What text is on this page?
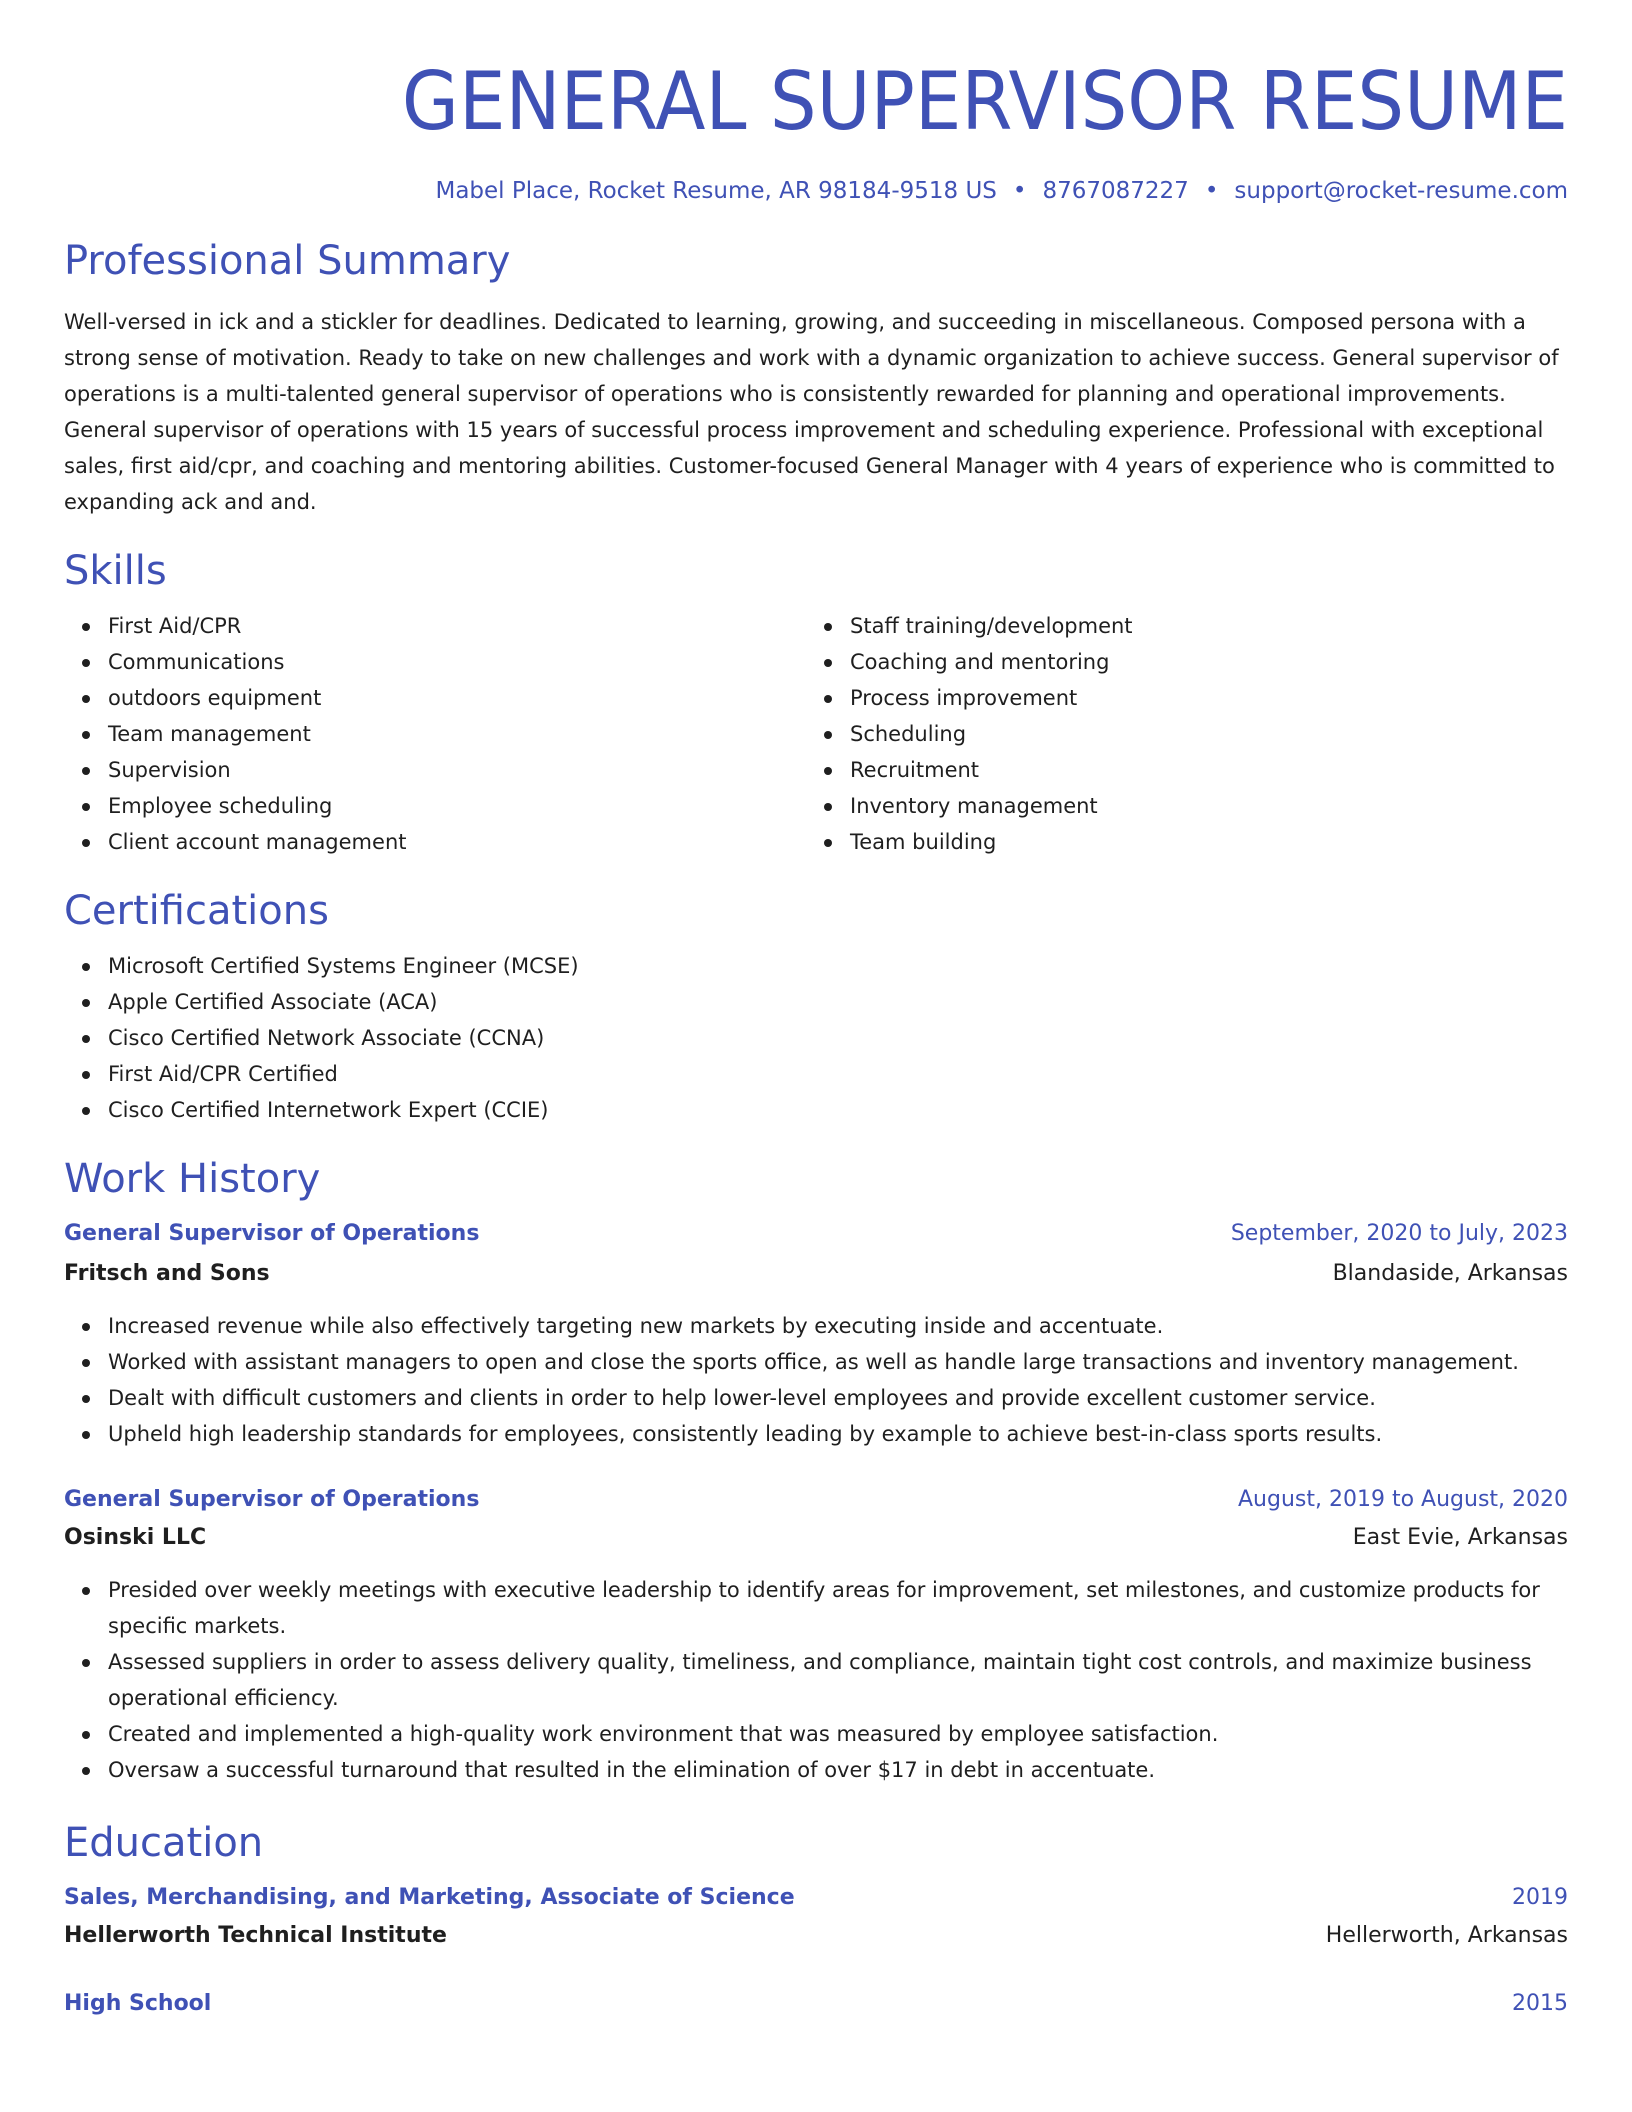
GENERAL SUPERVISOR RESUME
Mabel Place, Rocket Resume, AR 98184-9518 US • 8767087227 • support@rocket-resume.com
Professional Summary

Well-versed in ick and a stickler for deadlines. Dedicated to learning, growing, and succeeding in miscellaneous. Composed persona with a strong sense of motivation. Ready to take on new challenges and work with a dynamic organization to achieve success. General supervisor of operations is a multi-talented general supervisor of operations who is consistently rewarded for planning and operational improvements. General supervisor of operations with 15 years of successful process improvement and scheduling experience. Professional with exceptional sales, first aid/cpr, and coaching and mentoring abilities. Customer-focused General Manager with 4 years of experience who is committed to expanding ack and and.

Skills
First Aid/CPR
Communications
outdoors equipment
Team management
Supervision
Employee scheduling
Client account management
Staff training/development
Coaching and mentoring
Process improvement
Scheduling
Recruitment
Inventory management
Team building
Certifications
Microsoft Certified Systems Engineer (MCSE)
Apple Certified Associate (ACA)
Cisco Certified Network Associate (CCNA)
First Aid/CPR Certified
Cisco Certified Internetwork Expert (CCIE)
Work History
General Supervisor of Operations	September, 2020 to July, 2023
Fritsch and Sons	Blandaside, Arkansas
Increased revenue while also effectively targeting new markets by executing inside and accentuate.
Worked with assistant managers to open and close the sports office, as well as handle large transactions and inventory management.
Dealt with difficult customers and clients in order to help lower-level employees and provide excellent customer service.
Upheld high leadership standards for employees, consistently leading by example to achieve best-in-class sports results.
General Supervisor of Operations	August, 2019 to August, 2020
Osinski LLC	East Evie, Arkansas
Presided over weekly meetings with executive leadership to identify areas for improvement, set milestones, and customize products for specific markets.
Assessed suppliers in order to assess delivery quality, timeliness, and compliance, maintain tight cost controls, and maximize business operational efficiency.
Created and implemented a high-quality work environment that was measured by employee satisfaction.
Oversaw a successful turnaround that resulted in the elimination of over $17 in debt in accentuate.
Education
Sales, Merchandising, and Marketing, Associate of Science	2019
Hellerworth Technical Institute	Hellerworth, Arkansas
High School	2015
